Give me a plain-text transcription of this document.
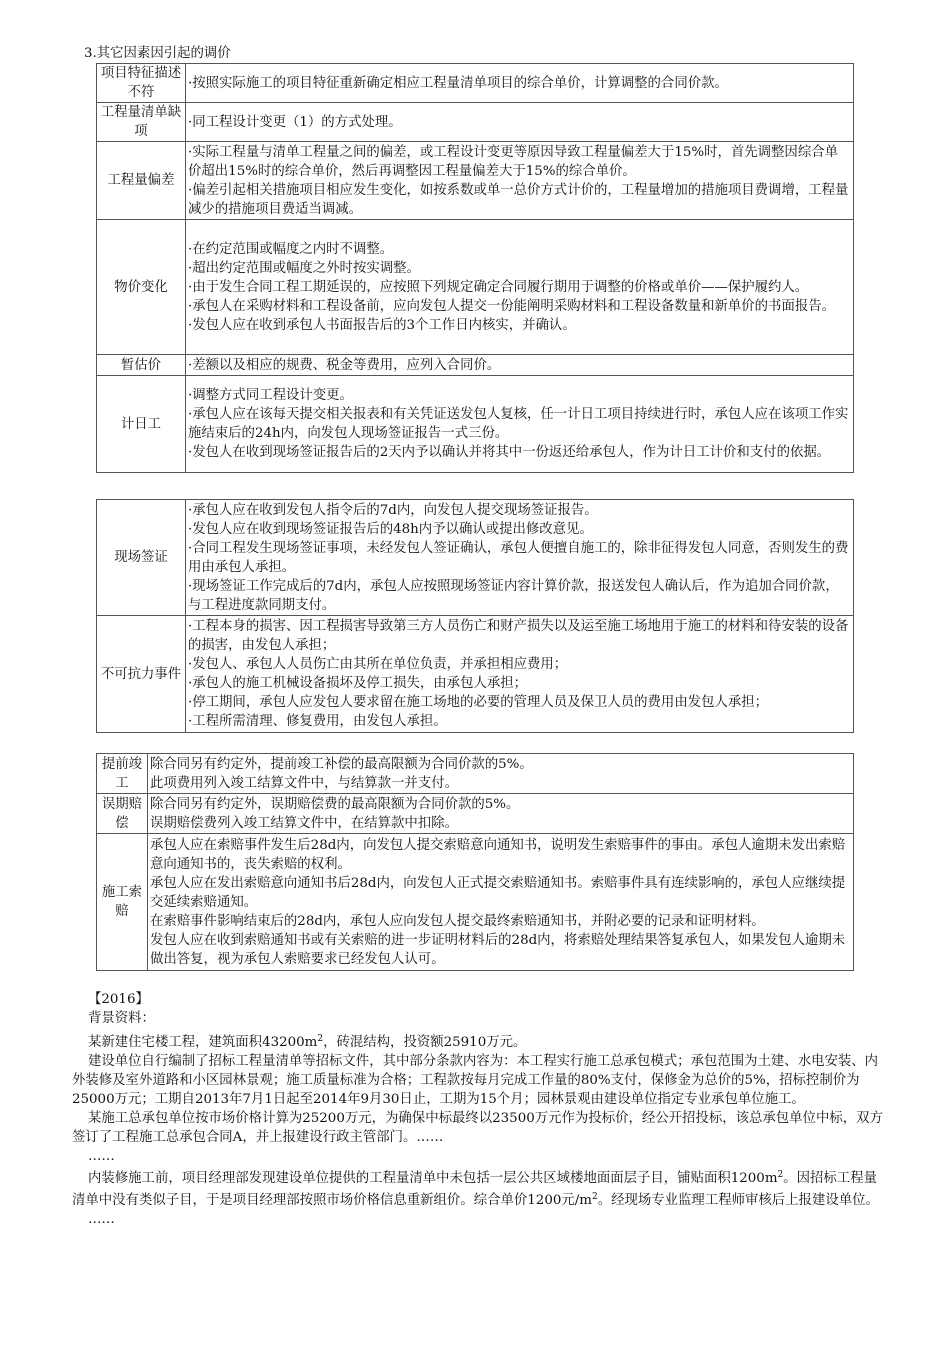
3.其它因素因引起的调价
项目特征描述不符	·按照实际施工的项目特征重新确定相应工程量清单项目的综合单价，计算调整的合同价款。

工程量清单缺项	·同工程设计变更（1）的方式处理。

工程量偏差	·实际工程量与清单工程量之间的偏差，或工程设计变更等原因导致工程量偏差大于15%时，首先调整因综合单价超出15%时的综合单价，然后再调整因工程量偏差大于15%的综合单价。
·偏差引起相关措施项目相应发生变化，如按系数或单一总价方式计价的，工程量增加的措施项目费调增，工程量减少的措施项目费适当调减。

物价变化	·在约定范围或幅度之内时不调整。
·超出约定范围或幅度之外时按实调整。
·由于发生合同工程工期延误的，应按照下列规定确定合同履行期用于调整的价格或单价——保护履约人。
·承包人在采购材料和工程设备前，应向发包人提交一份能阐明采购材料和工程设备数量和新单价的书面报告。
·发包人应在收到承包人书面报告后的3个工作日内核实，并确认。

暂估价	·差额以及相应的规费、税金等费用，应列入合同价。

计日工	·调整方式同工程设计变更。
·承包人应在该每天提交相关报表和有关凭证送发包人复核，任一计日工项目持续进行时，承包人应在该项工作实施结束后的24h内，向发包人现场签证报告一式三份。
·发包人在收到现场签证报告后的2天内予以确认并将其中一份返还给承包人，作为计日工计价和支付的依据。
现场签证	·承包人应在收到发包人指令后的7d内，向发包人提交现场签证报告。
·发包人应在收到现场签证报告后的48h内予以确认或提出修改意见。
·合同工程发生现场签证事项，未经发包人签证确认，承包人便擅自施工的，除非征得发包人同意，否则发生的费用由承包人承担。
·现场签证工作完成后的7d内，承包人应按照现场签证内容计算价款，报送发包人确认后，作为追加合同价款，与工程进度款同期支付。

不可抗力事件	·工程本身的损害、因工程损害导致第三方人员伤亡和财产损失以及运至施工场地用于施工的材料和待安装的设备的损害，由发包人承担；
·发包人、承包人人员伤亡由其所在单位负责，并承担相应费用；
·承包人的施工机械设备损坏及停工损失，由承包人承担；
·停工期间，承包人应发包人要求留在施工场地的必要的管理人员及保卫人员的费用由发包人承担；
·工程所需清理、修复费用，由发包人承担。
提前竣工	除合同另有约定外，提前竣工补偿的最高限额为合同价款的5%。
此项费用列入竣工结算文件中，与结算款一并支付。

误期赔偿	除合同另有约定外，误期赔偿费的最高限额为合同价款的5%。
误期赔偿费列入竣工结算文件中，在结算款中扣除。

施工索赔	承包人应在索赔事件发生后28d内，向发包人提交索赔意向通知书，说明发生索赔事件的事由。承包人逾期未发出索赔意向通知书的，丧失索赔的权利。
承包人应在发出索赔意向通知书后28d内，向发包人正式提交索赔通知书。索赔事件具有连续影响的，承包人应继续提交延续索赔通知。
在索赔事件影响结束后的28d内，承包人应向发包人提交最终索赔通知书，并附必要的记录和证明材料。
发包人应在收到索赔通知书或有关索赔的进一步证明材料后的28d内，将索赔处理结果答复承包人，如果发包人逾期未做出答复，视为承包人索赔要求已经发包人认可。
【2016】
背景资料：
某新建住宅楼工程，建筑面积$43200m^2$，砖混结构，投资额25910万元。
建设单位自行编制了招标工程量清单等招标文件，其中部分条款内容为：本工程实行施工总承包模式；承包范围为土建、水电安装、内外装修及室外道路和小区园林景观；施工质量标准为合格；工程款按每月完成工作量的80%支付，保修金为总价的5%，招标控制价为25000万元；工期自2013年7月1日起至2014年9月30日止，工期为15个月；园林景观由建设单位指定专业承包单位施工。
某施工总承包单位按市场价格计算为25200万元，为确保中标最终以23500万元作为投标价，经公开招投标，该总承包单位中标，双方签订了工程施工总承包合同A，并上报建设行政主管部门。……
……
内装修施工前，项目经理部发现建设单位提供的工程量清单中未包括一层公共区域楼地面面层子目，铺贴面积$1200m^2$。因招标工程量清单中没有类似子目，于是项目经理部按照市场价格信息重新组价。综合单价1200元$/m^2$。经现场专业监理工程师审核后上报建设单位。
……
